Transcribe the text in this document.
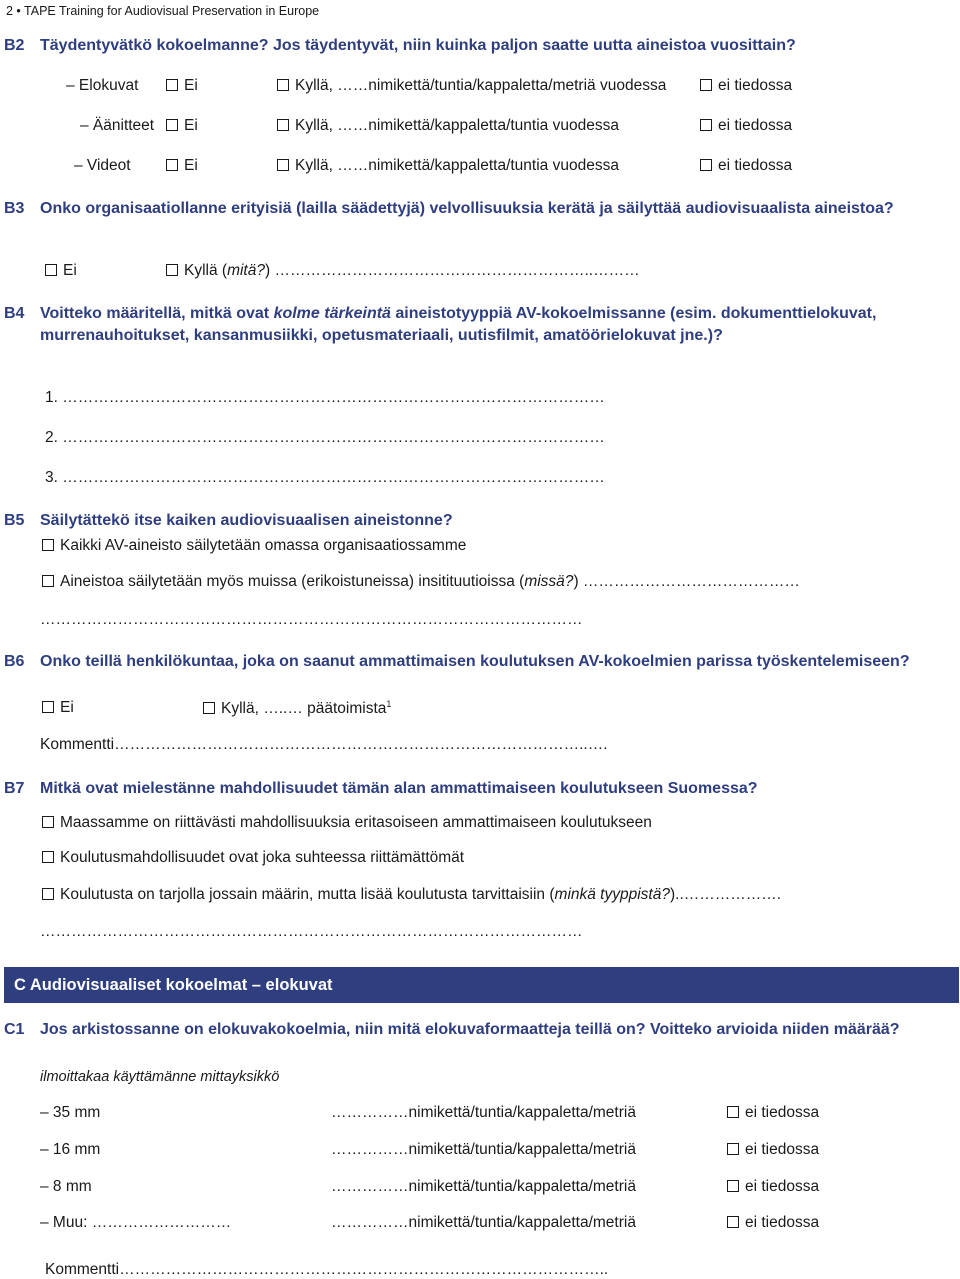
2 • TAPE Training for Audiovisual Preservation in Europe
B2 Täydentyvätkö kokoelmanne? Jos täydentyvät, niin kuinka paljon saatte uutta aineistoa vuosittain?
– Elokuvat	Ei	Kyllä, ……nimikettä/tuntia/kappaletta/metriä vuodessa	ei tiedossa
– Äänitteet	Ei	Kyllä, ……nimikettä/kappaletta/tuntia vuodessa	ei tiedossa
– Videot	Ei	Kyllä, ……nimikettä/kappaletta/tuntia vuodessa	ei tiedossa
B3 Onko organisaatiollanne erityisiä (lailla säädettyjä) velvollisuuksia kerätä ja säilyttää audiovisuaalista aineistoa?
Ei	Kyllä (mitä?) ……………………………………………………..………
B4 Voitteko määritellä, mitkä ovat kolme tärkeintä aineistotyyppiä AV-kokoelmissanne (esim. dokumenttielokuvat, murrenauhoitukset, kansanmusiikki, opetusmateriaali, uutisfilmit, amatöörielokuvat jne.)?
1. ……………………………………………………………………………………………
2. ……………………………………………………………………………………………
3. ……………………………………………………………………………………………
B5 Säilytättekö itse kaiken audiovisuaalisen aineistonne?
Kaikki AV-aineisto säilytetään omassa organisaatiossamme
Aineistoa säilytetään myös muissa (erikoistuneissa) insitituutioissa (missä?) ……………………………………
……………………………………………………………………………………………
B6 Onko teillä henkilökuntaa, joka on saanut ammattimaisen koulutuksen AV-kokoelmien parissa työskentelemiseen?
Ei	Kyllä, …..… päätoimista$^1$
Kommentti………………………………………………………………………………..….
B7 Mitkä ovat mielestänne mahdollisuudet tämän alan ammattimaiseen koulutukseen Suomessa?
Maassamme on riittävästi mahdollisuuksia eritasoiseen ammattimaiseen koulutukseen
Koulutusmahdollisuudet ovat joka suhteessa riittämättömät
Koulutusta on tarjolla jossain määrin, mutta lisää koulutusta tarvittaisiin (minkä tyyppistä?)..……………….
……………………………………………………………………………………………
C Audiovisuaaliset kokoelmat – elokuvat
C1 Jos arkistossanne on elokuvakokoelmia, niin mitä elokuvaformaatteja teillä on? Voitteko arvioida niiden määrää?
ilmoittakaa käyttämänne mittayksikkö
– 35 mm	……………nimikettä/tuntia/kappaletta/metriä	ei tiedossa
– 16 mm	……………nimikettä/tuntia/kappaletta/metriä	ei tiedossa
– 8 mm	……………nimikettä/tuntia/kappaletta/metriä	ei tiedossa
– Muu: ………………………	……………nimikettä/tuntia/kappaletta/metriä	ei tiedossa
Kommentti…………………………………………………………………………………..
